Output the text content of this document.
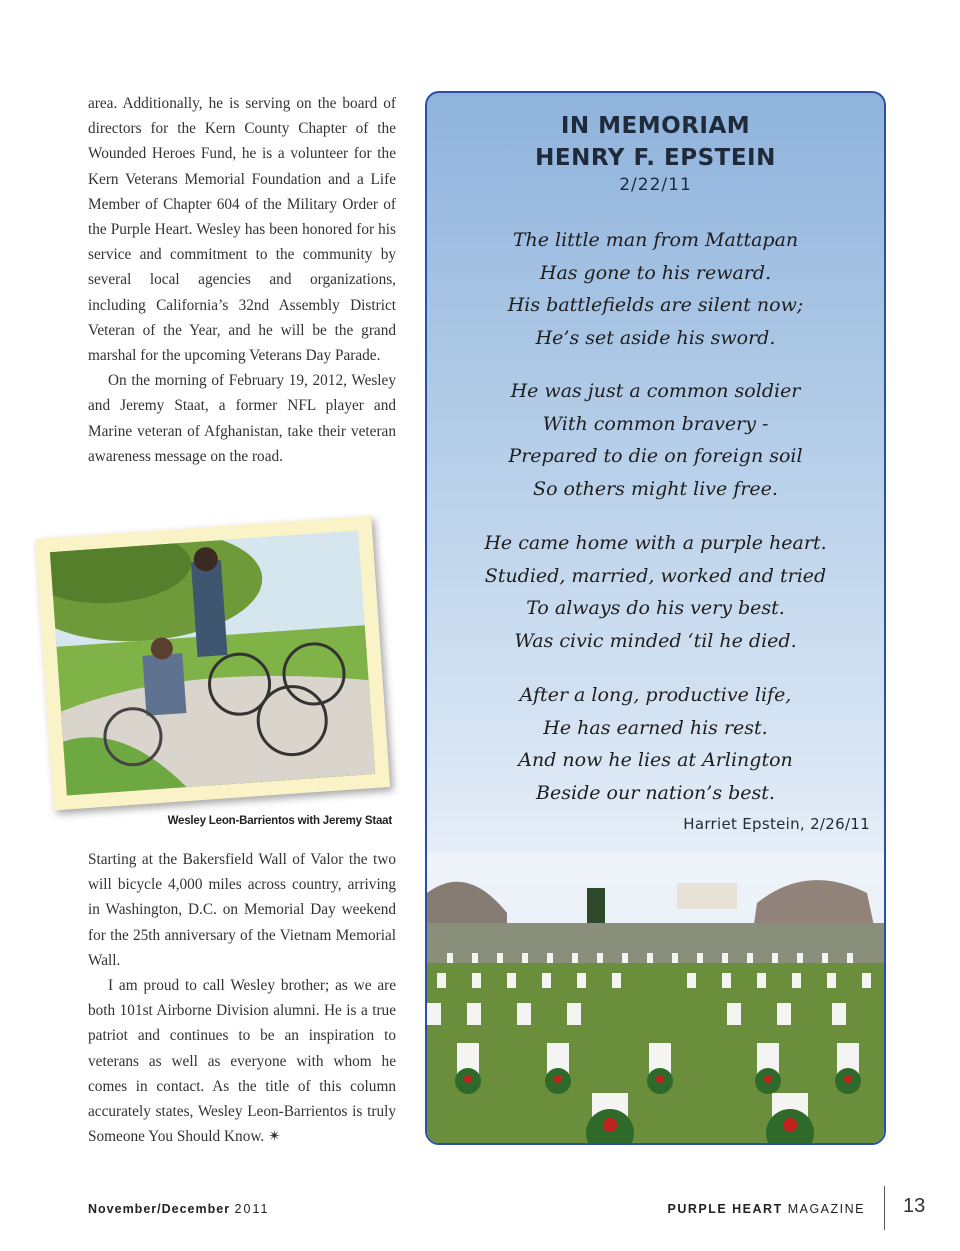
area. Additionally, he is serving on the board of directors for the Kern County Chapter of the Wounded Heroes Fund, he is a volunteer for the Kern Veterans Memorial Foundation and a Life Member of Chapter 604 of the Military Order of the Purple Heart. Wesley has been honored for his service and commitment to the community by several local agencies and organizations, including California’s 32nd Assembly District Veteran of the Year, and he will be the grand marshal for the upcoming Veterans Day Parade.

On the morning of February 19, 2012, Wesley and Jeremy Staat, a former NFL player and Marine veteran of Afghanistan, take their veteran awareness message on the road.

Wesley Leon-Barrientos with Jeremy Staat

Starting at the Bakersfield Wall of Valor the two will bicycle 4,000 miles across country, arriving in Washington, D.C. on Memorial Day weekend for the 25th anniversary of the Vietnam Memorial Wall.

I am proud to call Wesley brother; as we are both 101st Airborne Division alumni. He is a true patriot and continues to be an inspiration to veterans as well as everyone with whom he comes in contact. As the title of this column accurately states, Wesley Leon-Barrientos is truly Someone You Should Know. ✴

IN MEMORIAM
HENRY F. EPSTEIN
2/22/11
The little man from Mattapan
Has gone to his reward.
His battlefields are silent now;
He’s set aside his sword.
He was just a common soldier
With common bravery -
Prepared to die on foreign soil
So others might live free.
He came home with a purple heart.
Studied, married, worked and tried
To always do his very best.
Was civic minded ‘til he died.
After a long, productive life,
He has earned his rest.
And now he lies at Arlington
Beside our nation’s best.
Harriet Epstein, 2/26/11
November/December 2011	PURPLE HEART MAGAZINE 13
